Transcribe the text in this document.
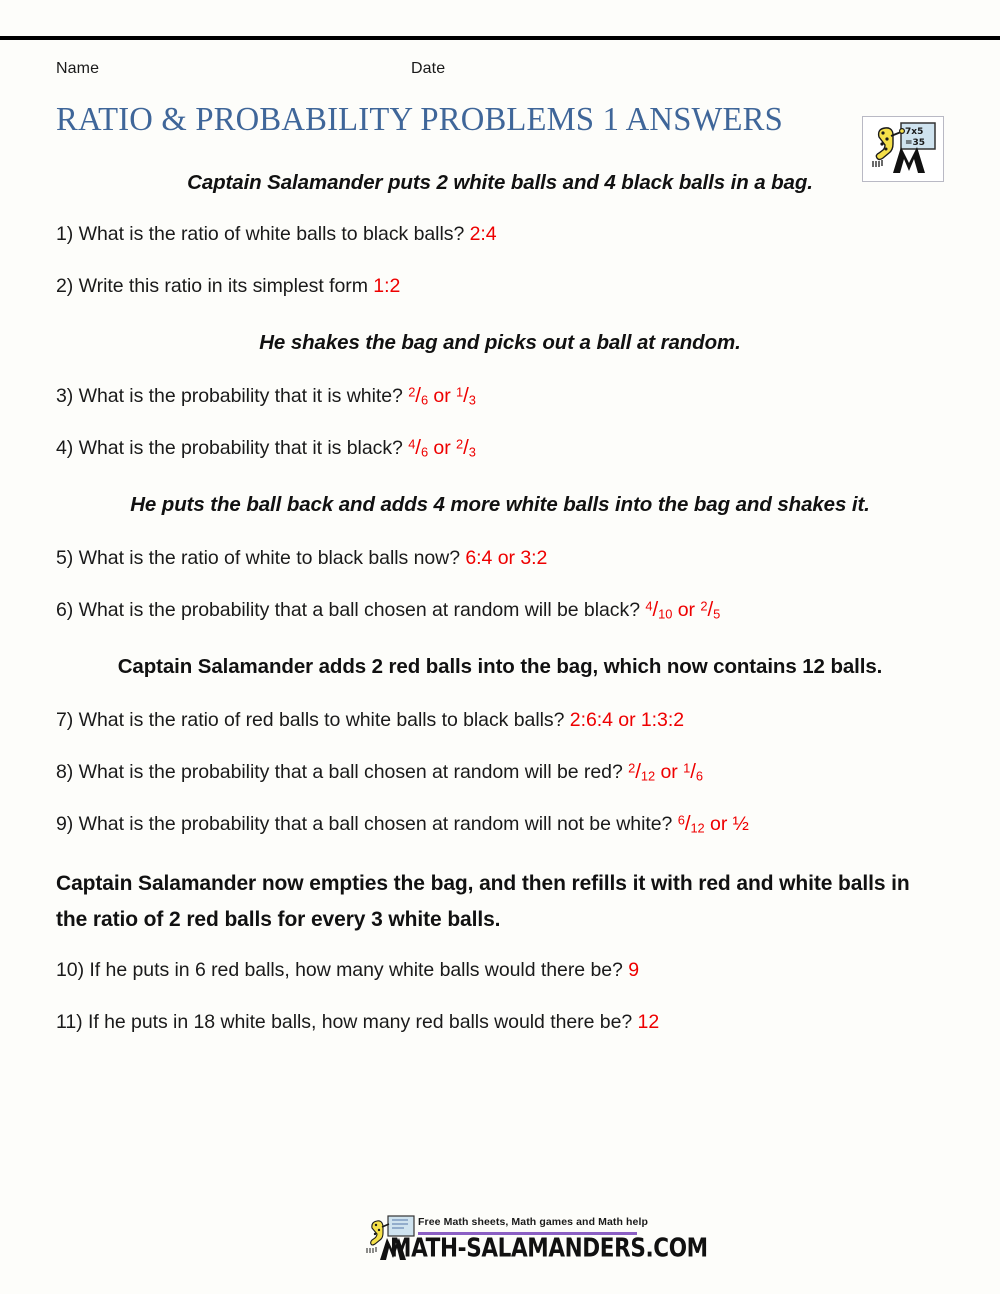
Name	Date
7x5
=35
RATIO & PROBABILITY PROBLEMS 1 ANSWERS

Captain Salamander puts 2 white balls and 4 black balls in a bag.

1) What is the ratio of white balls to black balls? 2:4

2) Write this ratio in its simplest form 1:2

He shakes the bag and picks out a ball at random.

3) What is the probability that it is white? $^2/_6$ or $^1/_3$

4) What is the probability that it is black? $^4/_6$ or $^2/_3$

He puts the ball back and adds 4 more white balls into the bag and shakes it.

5) What is the ratio of white to black balls now? 6:4 or 3:2

6) What is the probability that a ball chosen at random will be black? $^4/_{10}$ or $^2/_5$

Captain Salamander adds 2 red balls into the bag, which now contains 12 balls.

7) What is the ratio of red balls to white balls to black balls? 2:6:4 or 1:3:2

8) What is the probability that a ball chosen at random will be red? $^2/_{12}$ or $^1/_6$

9) What is the probability that a ball chosen at random will not be white? $^6/_{12}$ or ½

Captain Salamander now empties the bag, and then refills it with red and white balls in the ratio of 2 red balls for every 3 white balls.

10) If he puts in 6 red balls, how many white balls would there be? 9

11) If he puts in 18 white balls, how many red balls would there be? 12

Free Math sheets, Math games and Math help
MATH-SALAMANDERS.COM
